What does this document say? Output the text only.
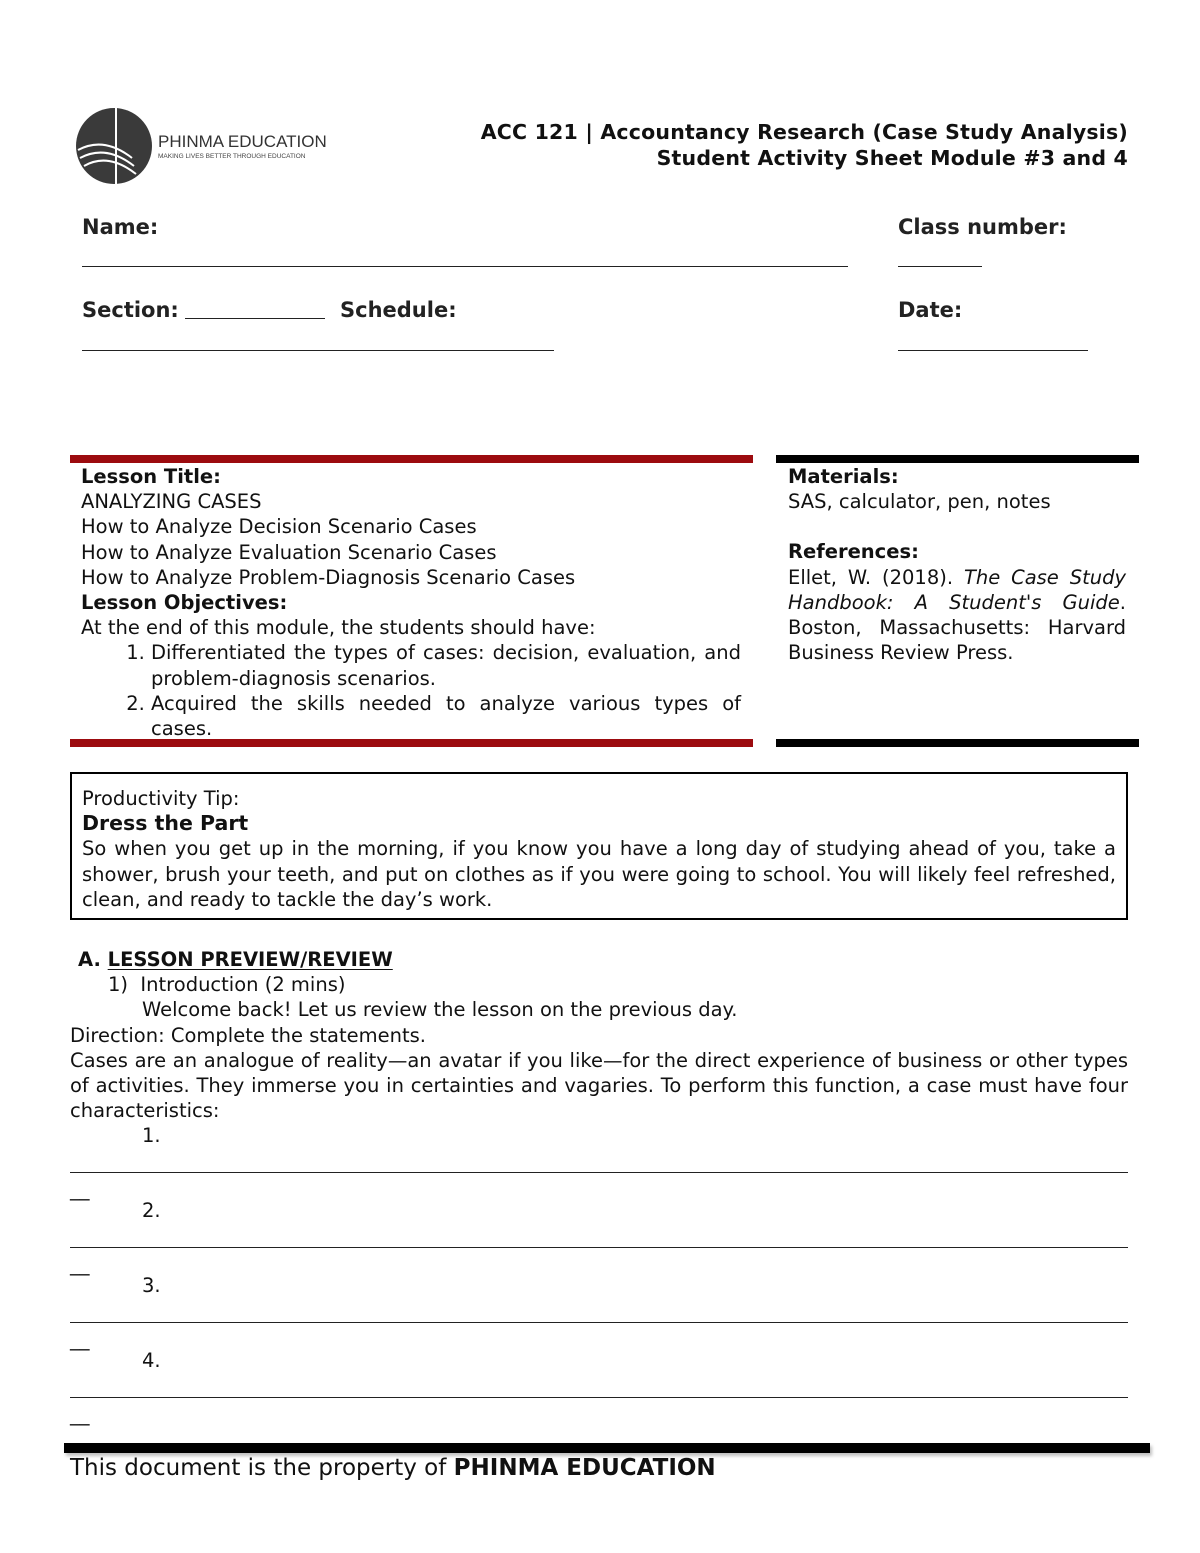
PHINMA EDUCATION
MAKING LIVES BETTER THROUGH EDUCATION
ACC 121 | Accountancy Research (Case Study Analysis)
Student Activity Sheet Module #3 and 4
Name:	Class number:
Section:	Schedule:	Date:
Lesson Title:
ANALYZING CASES
How to Analyze Decision Scenario Cases
How to Analyze Evaluation Scenario Cases
How to Analyze Problem-Diagnosis Scenario Cases
Lesson Objectives:
At the end of this module, the students should have:
1. Differentiated the types of cases: decision, evaluation, and problem-diagnosis scenarios.
2. Acquired the skills needed to analyze various types of cases.
Materials:
SAS, calculator, pen, notes
References:
Ellet, W. (2018). The Case Study Handbook: A Student's Guide. Boston, Massachusetts: Harvard Business Review Press.
Productivity Tip:
Dress the Part
So when you get up in the morning, if you know you have a long day of studying ahead of you, take a shower, brush your teeth, and put on clothes as if you were going to school. You will likely feel refreshed, clean, and ready to tackle the day’s work.
A. LESSON PREVIEW/REVIEW
1) Introduction (2 mins)
Welcome back! Let us review the lesson on the previous day.
Direction: Complete the statements.
Cases are an analogue of reality—an avatar if you like—for the direct experience of business or other types of activities. They immerse you in certainties and vagaries. To perform this function, a case must have four characteristics:
1.
__
2.
__
3.
__
4.
__
This document is the property of PHINMA EDUCATION
